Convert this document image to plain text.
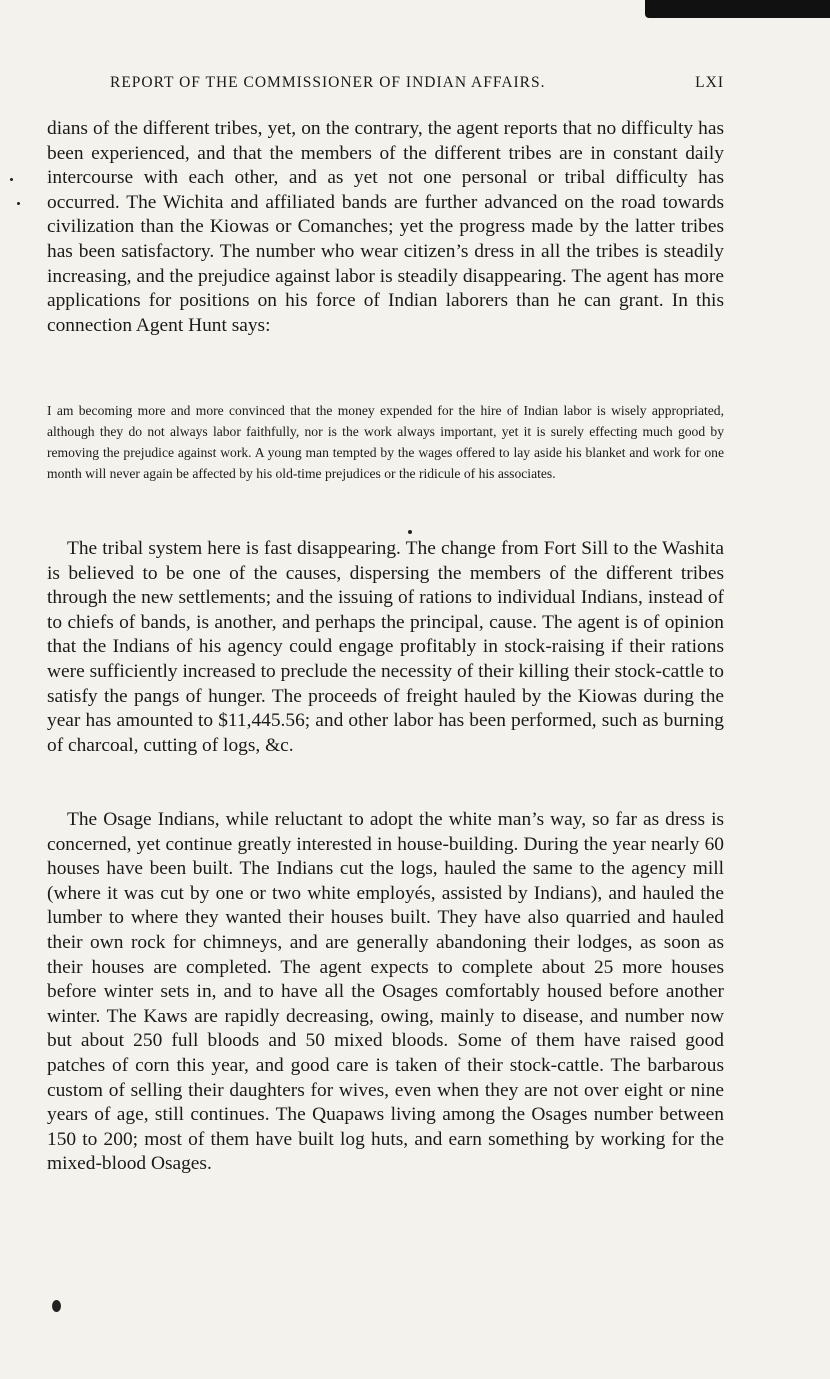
REPORT OF THE COMMISSIONER OF INDIAN AFFAIRS.	LXI

dians of the different tribes, yet, on the contrary, the agent reports that no difficulty has been experienced, and that the members of the different tribes are in constant daily intercourse with each other, and as yet not one personal or tribal difficulty has occurred. The Wichita and affiliated bands are further advanced on the road towards civilization than the Kiowas or Comanches; yet the progress made by the latter tribes has been satisfactory. The number who wear citizen’s dress in all the tribes is steadily increasing, and the prejudice against labor is steadily disappearing. The agent has more applications for positions on his force of Indian laborers than he can grant. In this connection Agent Hunt says:

I am becoming more and more convinced that the money expended for the hire of Indian labor is wisely appropriated, although they do not always labor faithfully, nor is the work always important, yet it is surely effecting much good by removing the prejudice against work. A young man tempted by the wages offered to lay aside his blanket and work for one month will never again be affected by his old-time prejudices or the ridicule of his associates.

The tribal system here is fast disappearing. The change from Fort Sill to the Washita is believed to be one of the causes, dispersing the members of the different tribes through the new settlements; and the issuing of rations to individual Indians, instead of to chiefs of bands, is another, and perhaps the principal, cause. The agent is of opinion that the Indians of his agency could engage profitably in stock-raising if their rations were sufficiently increased to preclude the necessity of their killing their stock-cattle to satisfy the pangs of hunger. The proceeds of freight hauled by the Kiowas during the year has amounted to $11,445.56; and other labor has been performed, such as burning of charcoal, cutting of logs, &c.

The Osage Indians, while reluctant to adopt the white man’s way, so far as dress is concerned, yet continue greatly interested in house-building. During the year nearly 60 houses have been built. The Indians cut the logs, hauled the same to the agency mill (where it was cut by one or two white employés, assisted by Indians), and hauled the lumber to where they wanted their houses built. They have also quarried and hauled their own rock for chimneys, and are generally abandoning their lodges, as soon as their houses are completed. The agent expects to complete about 25 more houses before winter sets in, and to have all the Osages comfortably housed before another winter. The Kaws are rapidly decreasing, owing, mainly to disease, and number now but about 250 full bloods and 50 mixed bloods. Some of them have raised good patches of corn this year, and good care is taken of their stock-cattle. The barbarous custom of selling their daughters for wives, even when they are not over eight or nine years of age, still continues. The Quapaws living among the Osages number between 150 to 200; most of them have built log huts, and earn something by working for the mixed-blood Osages.
